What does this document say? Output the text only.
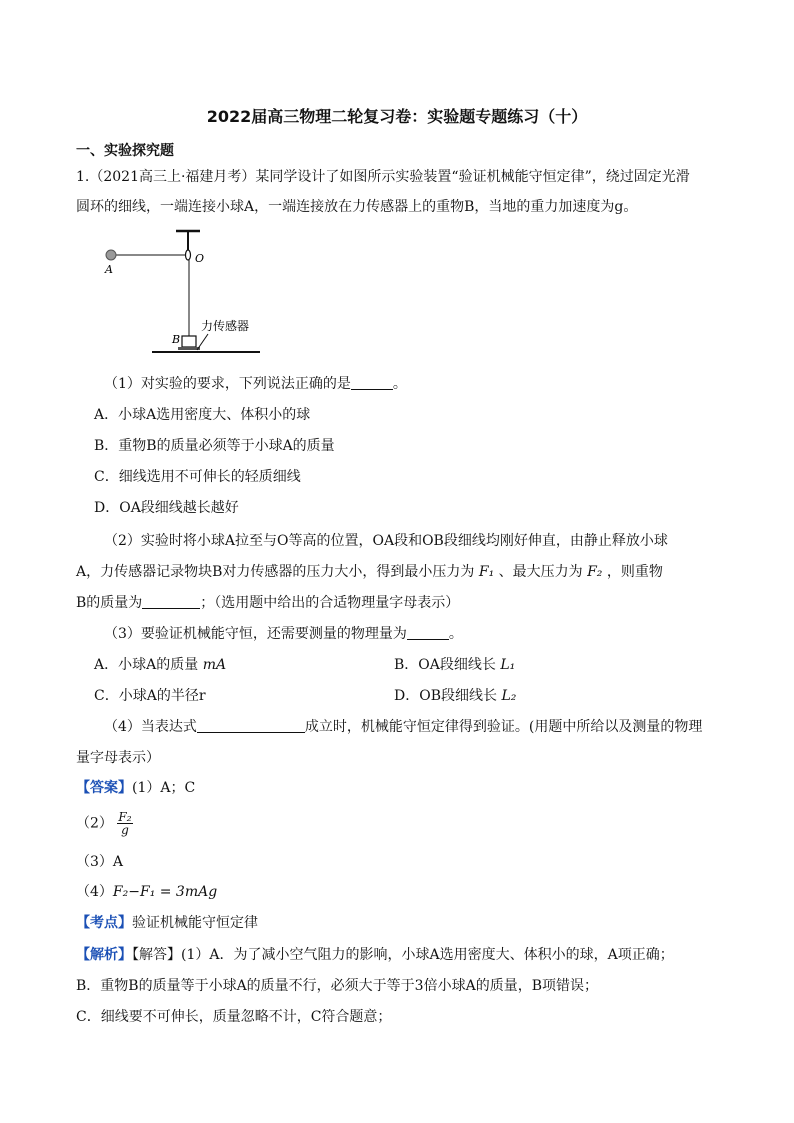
2022届高三物理二轮复习卷：实验题专题练习（十）
一、实验探究题
1.（2021高三上·福建月考）某同学设计了如图所示实验装置“验证机械能守恒定律”，绕过固定光滑
圆环的细线，一端连接小球A，一端连接放在力传感器上的重物B，当地的重力加速度为g。
A
O
B
力传感器
（1）对实验的要求，下列说法正确的是	。
A．小球A选用密度大、体积小的球
B．重物B的质量必须等于小球A的质量
C．细线选用不可伸长的轻质细线
D．OA段细线越长越好
（2）实验时将小球A拉至与O等高的位置，OA段和OB段细线均刚好伸直，由静止释放小球
A，力传感器记录物块B对力传感器的压力大小，得到最小压力为 F₁ 、最大压力为 F₂ ，则重物
B的质量为	；（选用题中给出的合适物理量字母表示）
（3）要验证机械能守恒，还需要测量的物理量为	。
A．小球A的质量 mA	B．OA段细线长 L₁
C．小球A的半径r	D．OB段细线长 L₂
（4）当表达式	成立时，机械能守恒定律得到验证。(用题中所给以及测量的物理
量字母表示）
【答案】(1）A；C
$(2) \frac{\text{F₂}}{g}$
（3）A
（4）F₂−F₁ = 3mAg
【考点】验证机械能守恒定律
【解析】【解答】(1）A．为了减小空气阻力的影响，小球A选用密度大、体积小的球，A项正确；
B．重物B的质量等于小球A的质量不行，必须大于等于3倍小球A的质量，B项错误；
C．细线要不可伸长，质量忽略不计，C符合题意；
